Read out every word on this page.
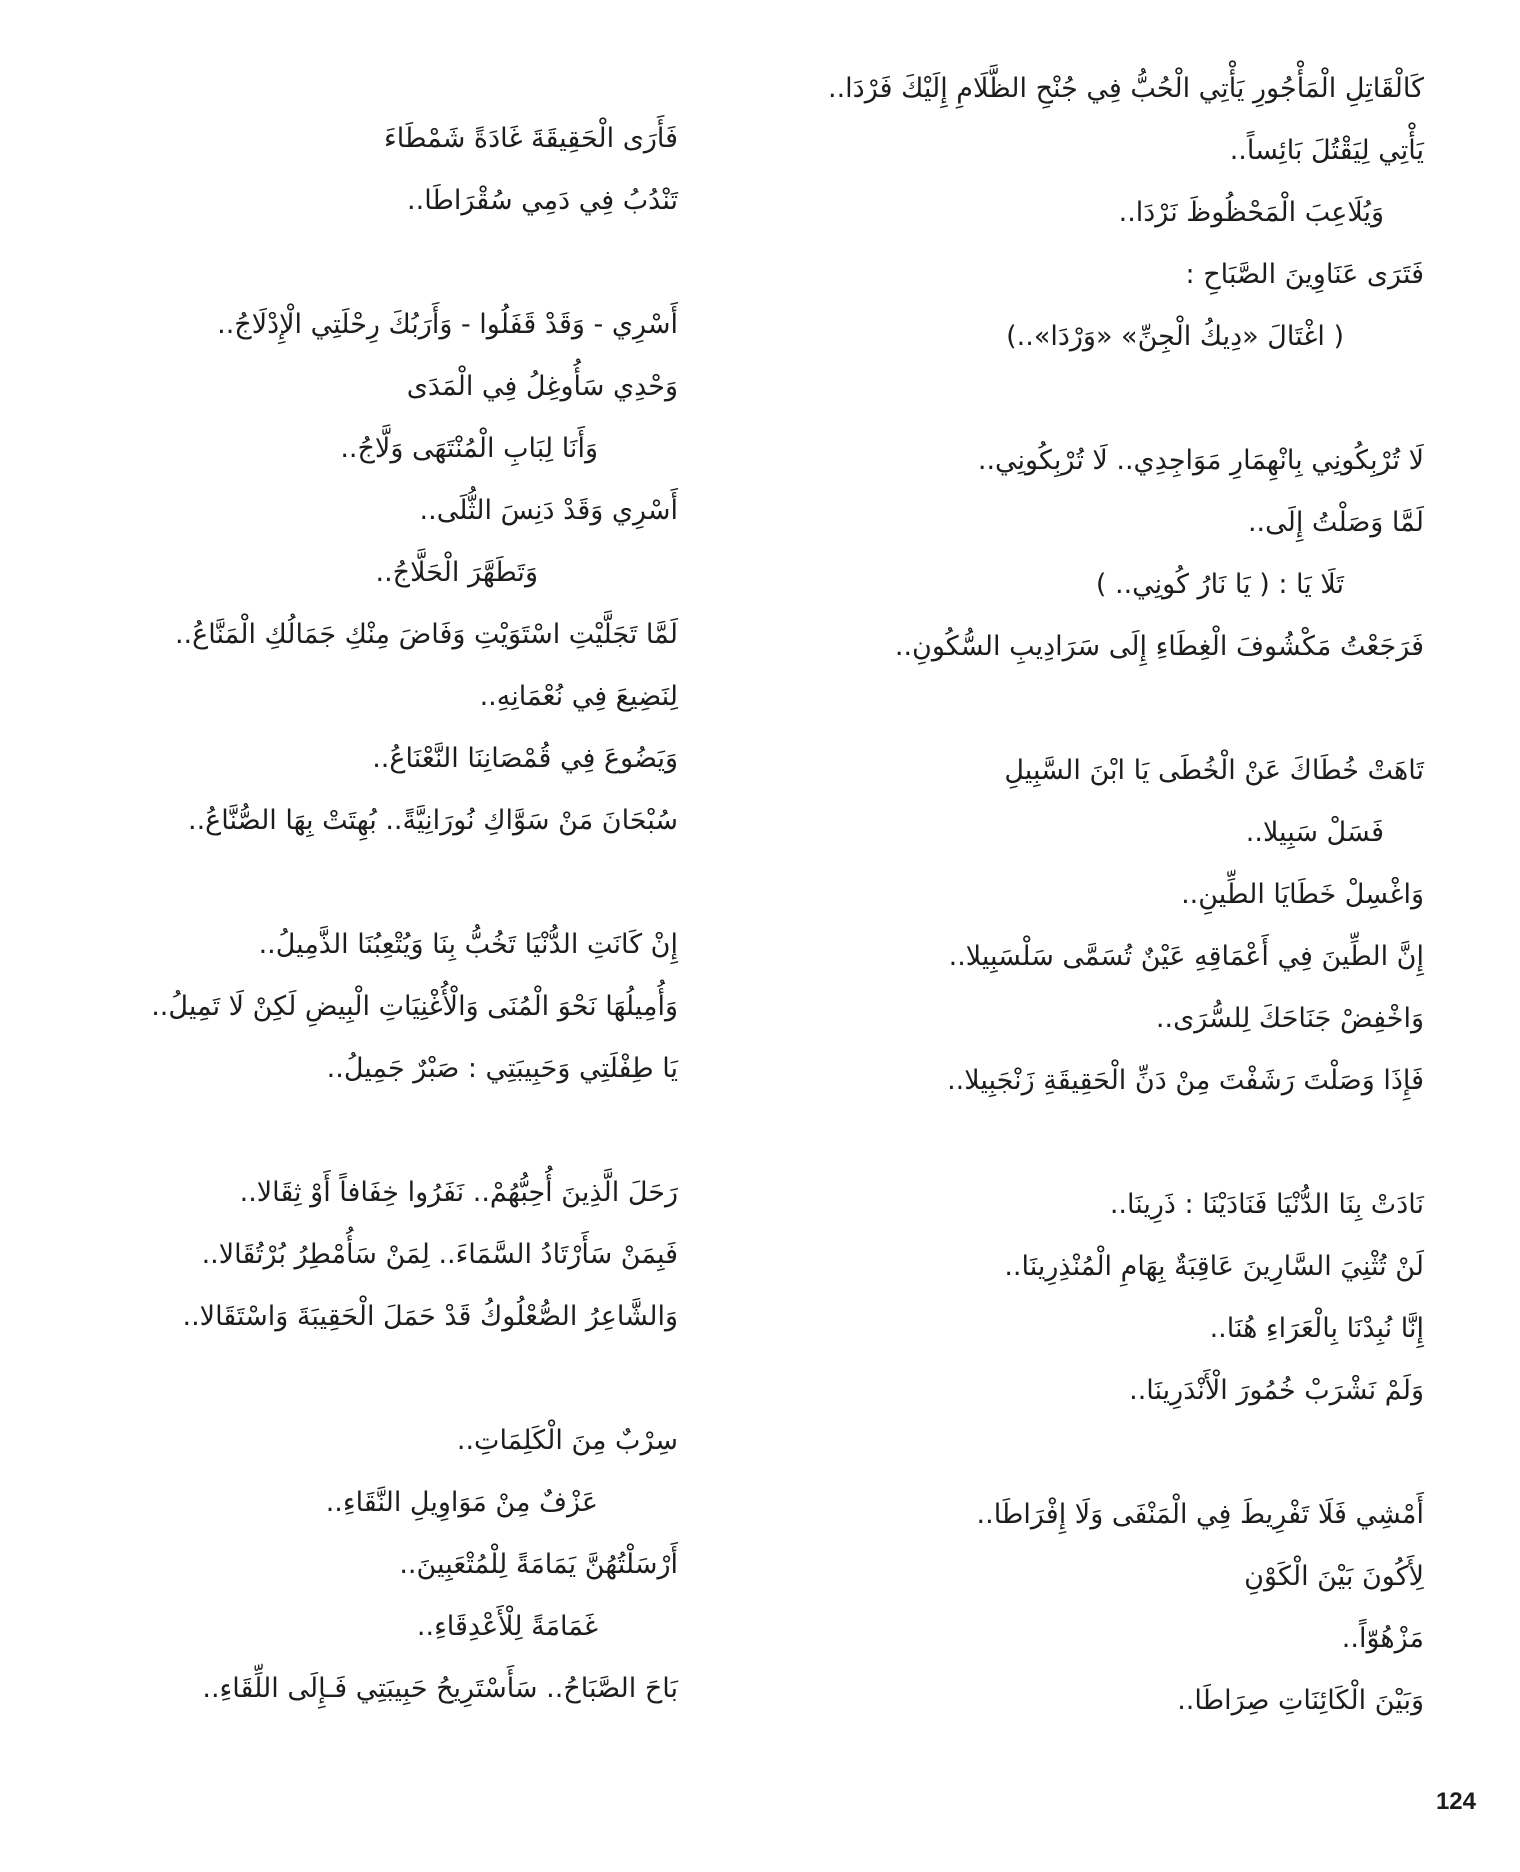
كَالْقَاتِلِ الْمَأْجُورِ يَأْتِي الْحُبُّ فِي جُنْحِ الظَّلَامِ إِلَيْكَ فَرْدَا..
يَأْتِي لِيَقْتُلَ بَائِساً..
وَيُلَاعِبَ الْمَحْظُوظَ نَرْدَا..
فَتَرَى عَنَاوِينَ الصَّبَاحِ :
( اغْتَالَ «دِيكُ الْجِنِّ» «وَرْدَا»..)
لَا تُرْبِكُونِي بِانْهِمَارِ مَوَاجِدِي.. لَا تُرْبِكُونِي..
لَمَّا وَصَلْتُ إِلَى..
تَلَا يَا : ( يَا نَارُ كُونِي.. )
فَرَجَعْتُ مَكْشُوفَ الْغِطَاءِ إِلَى سَرَادِيبِ السُّكُونِ..
تَاهَتْ خُطَاكَ عَنْ الْخُطَى يَا ابْنَ السَّبِيلِ
فَسَلْ سَبِيلا..
وَاغْسِلْ خَطَايَا الطِّينِ..
إِنَّ الطِّينَ فِي أَعْمَاقِهِ عَيْنٌ تُسَمَّى سَلْسَبِيلا..
وَاخْفِضْ جَنَاحَكَ لِلسُّرَى..
فَإِذَا وَصَلْتَ رَشَفْتَ مِنْ دَنِّ الْحَقِيقَةِ زَنْجَبِيلا..
نَادَتْ بِنَا الدُّنْيَا فَنَادَيْنَا : ذَرِينَا..
لَنْ تُثْنِيَ السَّارِينَ عَاقِبَةٌ بِهَامِ الْمُنْذِرِينَا..
إِنَّا نُبِدْنَا بِالْعَرَاءِ هُنَا..
وَلَمْ نَشْرَبْ خُمُورَ الْأَنْدَرِينَا..
أَمْشِي فَلَا تَفْرِيطَ فِي الْمَنْفَى وَلَا إِفْرَاطَا..
لِأَكُونَ بَيْنَ الْكَوْنِ
مَزْهُوّاً..
وَبَيْنَ الْكَائِنَاتِ صِرَاطَا..
فَأَرَى الْحَقِيقَةَ غَادَةً شَمْطَاءَ
تَنْدُبُ فِي دَمِي سُقْرَاطَا..
أَسْرِي - وَقَدْ قَفَلُوا - وَأَرَبُكَ رِحْلَتِي الْإِدْلَاجُ..
وَحْدِي سَأُوغِلُ فِي الْمَدَى
وَأَنَا لِبَابِ الْمُنْتَهَى وَلَّاجُ..
أَسْرِي وَقَدْ دَنِسَ الثُّلَى..
وَتَطَهَّرَ الْحَلَّاجُ..
لَمَّا تَجَلَّيْتِ اسْتَوَيْتِ وَفَاضَ مِنْكِ جَمَالُكِ الْمَنَّاعُ..
لِنَضِيعَ فِي نُعْمَانِهِ..
وَيَضُوعَ فِي قُمْصَانِنَا النَّعْنَاعُ..
سُبْحَانَ مَنْ سَوَّاكِ نُورَانِيَّةً.. بُهِتَتْ بِهَا الصُّنَّاعُ..
إِنْ كَانَتِ الدُّنْيَا تَخُبُّ بِنَا وَيُتْعِبُنَا الذَّمِيلُ..
وَأُمِيلُهَا نَحْوَ الْمُنَى وَالْأُغْنِيَاتِ الْبِيضِ لَكِنْ لَا تَمِيلُ..
يَا طِفْلَتِي وَحَبِيبَتِي : صَبْرٌ جَمِيلُ..
رَحَلَ الَّذِينَ أُحِبُّهُمْ.. نَفَرُوا خِفَافاً أَوْ ثِقَالا..
فَبِمَنْ سَأَرْتَادُ السَّمَاءَ.. لِمَنْ سَأُمْطِرُ بُرْتُقَالا..
وَالشَّاعِرُ الصُّعْلُوكُ قَدْ حَمَلَ الْحَقِيبَةَ وَاسْتَقَالا..
سِرْبٌ مِنَ الْكَلِمَاتِ..
عَزْفٌ مِنْ مَوَاوِيلِ النَّقَاءِ..
أَرْسَلْتُهُنَّ يَمَامَةً لِلْمُتْعَبِينَ..
غَمَامَةً لِلْأَعْدِقَاءِ..
بَاحَ الصَّبَاحُ.. سَأَسْتَرِيحُ حَبِيبَتِي فَـإِلَى اللِّقَاءِ..
124
